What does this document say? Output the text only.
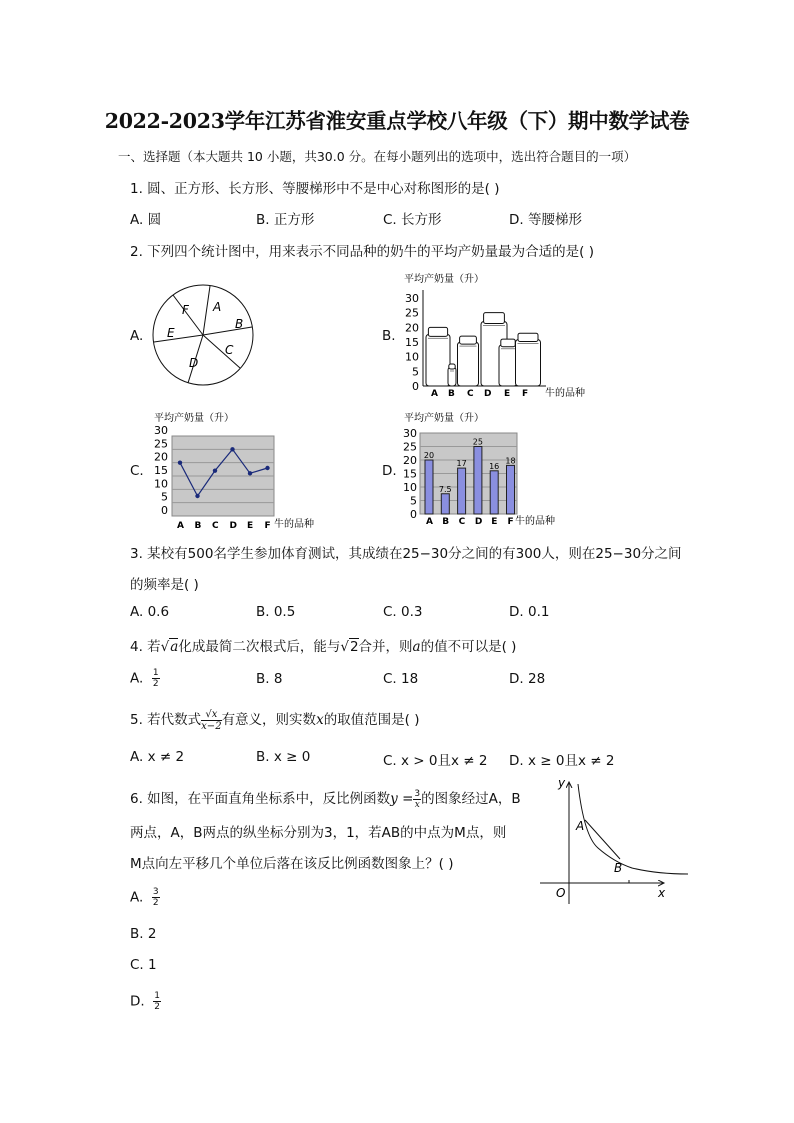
2022-2023学年江苏省淮安重点学校八年级（下）期中数学试卷
一、选择题（本大题共 10 小题，共30.0 分。在每小题列出的选项中，选出符合题目的一项）
1. 圆、正方形、长方形、等腰梯形中不是中心对称图形的是( )
A. 圆	B. 正方形	C. 长方形	D. 等腰梯形
2. 下列四个统计图中，用来表示不同品种的奶牛的平均产奶量最为合适的是( )
A.	B.
C.	D.
F A
B
C
D
E
平均产奶量（升）
30
25
20
15
10
5
0
A B C D E F 牛的品种
平均产奶量（升）
30
25
20
15
10
5
0
A B C D E F 牛的品种
平均产奶量（升）
30
25
20
15
10
5
0
20
7.5
17
25
16
18
A B C D E F 牛的品种
3. 某校有500名学生参加体育测试，其成绩在25−30分之间的有300人，则在25−30分之间
的频率是( )
A. 0.6	B. 0.5	C. 0.3	D. 0.1
4. 若√a化成最简二次根式后，能与√2合并，则a的值不可以是( )
A. $\frac{1}{2}$	B. 8	C. 18	D. 28
5. 若代数式 $\frac{√x}{x-2}$ 有意义，则实数x的取值范围是( )
A. x ≠ 2	B. x ≥ 0	C. x > 0且x ≠ 2 D. x ≥ 0且x ≠ 2
6. 如图，在平面直角坐标系中，反比例函数$y = \frac{3}{x}$ 的图象经过A，B
两点，A，B两点的纵坐标分别为3，1，若AB的中点为M点，则
M点向左平移几个单位后落在该反比例函数图象上？( )
A. $\frac{3}{2}$
B. 2
C. 1
D. $\frac{1}{2}$
y
x
O
A
B
